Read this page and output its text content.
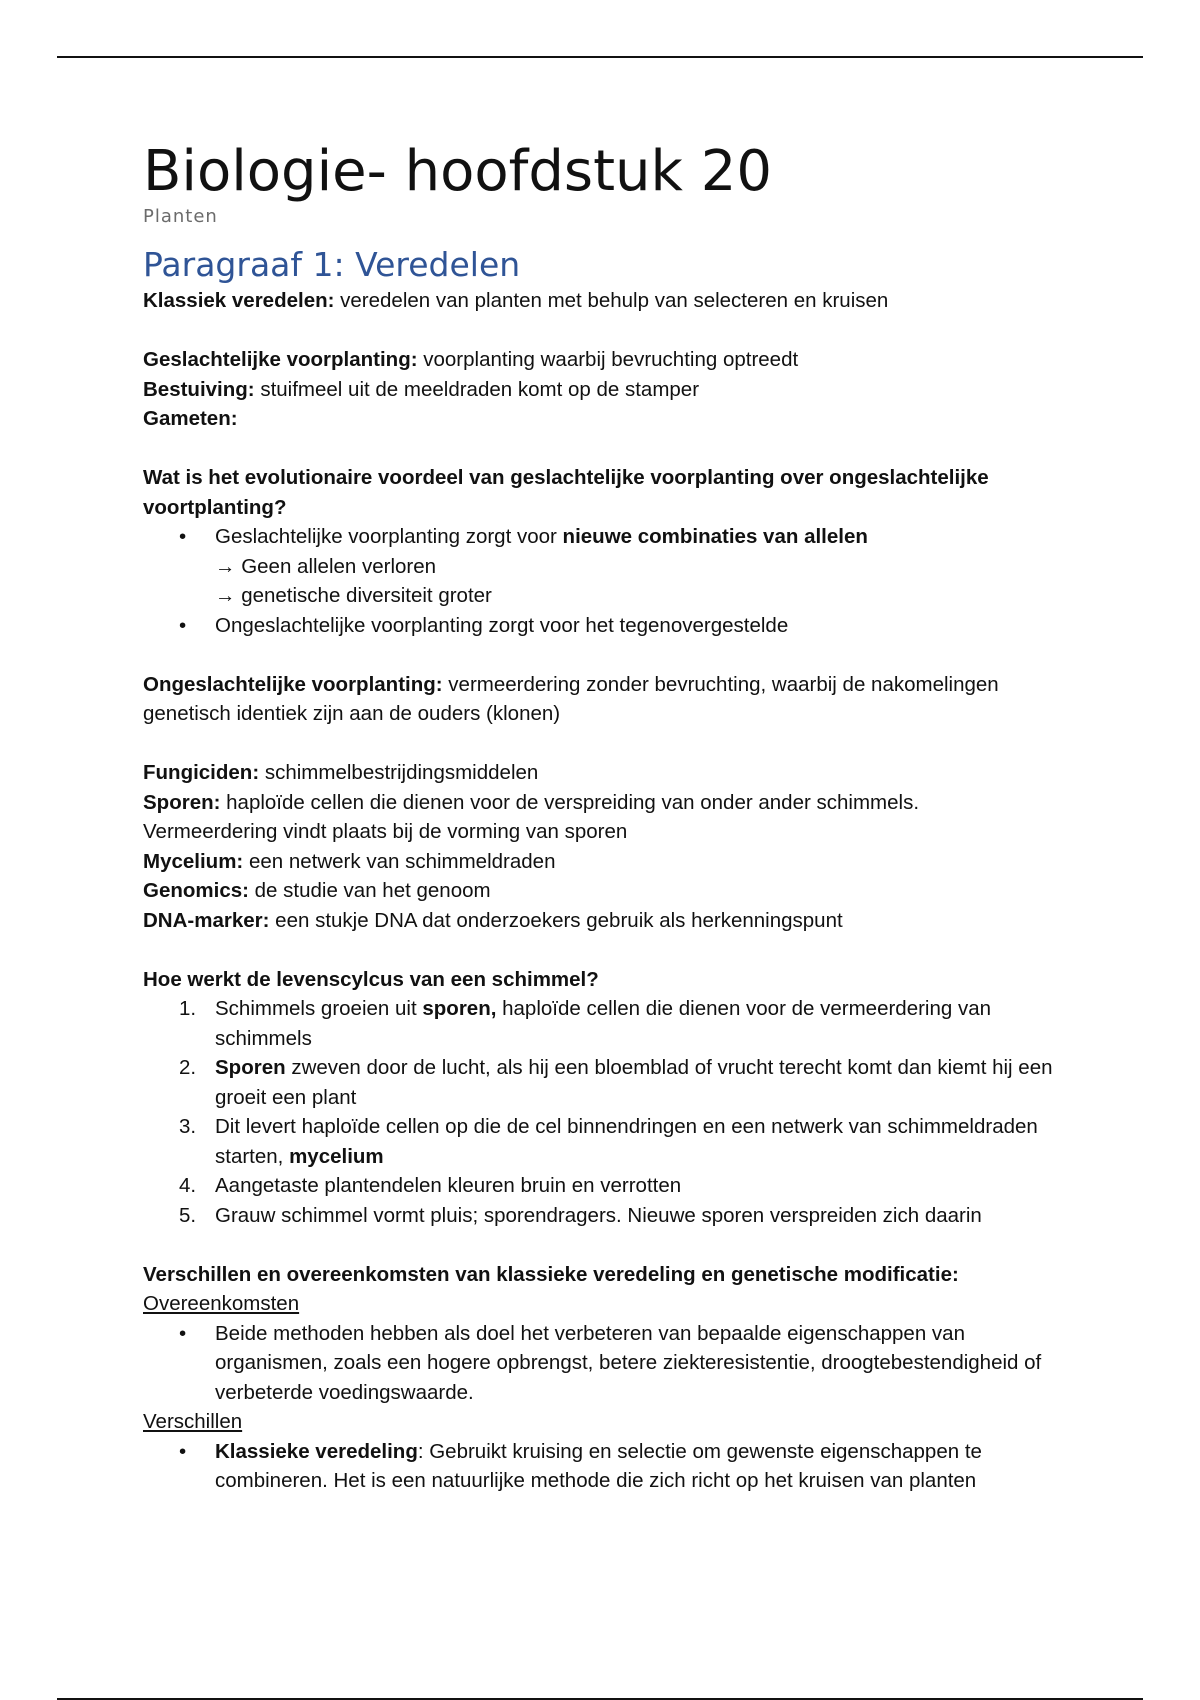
Biologie- hoofdstuk 20

Planten

Paragraaf 1: Veredelen

Klassiek veredelen: veredelen van planten met behulp van selecteren en kruisen

Geslachtelijke voorplanting: voorplanting waarbij bevruchting optreedt

Bestuiving: stuifmeel uit de meeldraden komt op de stamper

Gameten:

Wat is het evolutionaire voordeel van geslachtelijke voorplanting over ongeslachtelijke voortplanting?

• Geslachtelijke voorplanting zorgt voor nieuwe combinaties van allelen
→ Geen allelen verloren
→ genetische diversiteit groter
• Ongeslachtelijke voorplanting zorgt voor het tegenovergestelde

Ongeslachtelijke voorplanting: vermeerdering zonder bevruchting, waarbij de nakomelingen genetisch identiek zijn aan de ouders (klonen)

Fungiciden: schimmelbestrijdingsmiddelen

Sporen: haploïde cellen die dienen voor de verspreiding van onder ander schimmels.

Vermeerdering vindt plaats bij de vorming van sporen

Mycelium: een netwerk van schimmeldraden

Genomics: de studie van het genoom

DNA-marker: een stukje DNA dat onderzoekers gebruik als herkenningspunt

Hoe werkt de levenscylcus van een schimmel?

1. Schimmels groeien uit sporen, haploïde cellen die dienen voor de vermeerdering van schimmels
2. Sporen zweven door de lucht, als hij een bloemblad of vrucht terecht komt dan kiemt hij een groeit een plant
3. Dit levert haploïde cellen op die de cel binnendringen en een netwerk van schimmeldraden starten, mycelium
4. Aangetaste plantendelen kleuren bruin en verrotten
5. Grauw schimmel vormt pluis; sporendragers. Nieuwe sporen verspreiden zich daarin

Verschillen en overeenkomsten van klassieke veredeling en genetische modificatie:

Overeenkomsten

• Beide methoden hebben als doel het verbeteren van bepaalde eigenschappen van organismen, zoals een hogere opbrengst, betere ziekteresistentie, droogtebestendigheid of verbeterde voedingswaarde.

Verschillen

• Klassieke veredeling: Gebruikt kruising en selectie om gewenste eigenschappen te combineren. Het is een natuurlijke methode die zich richt op het kruisen van planten
